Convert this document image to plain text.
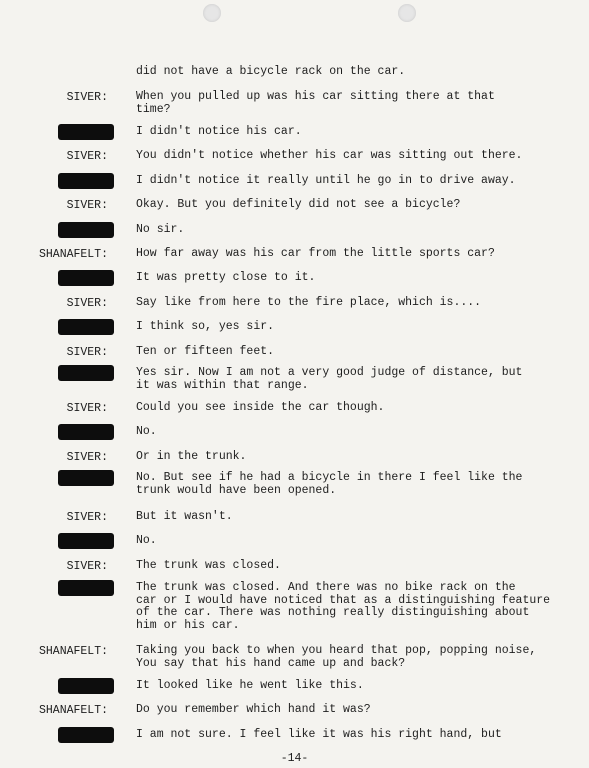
did not have a bicycle rack on the car.
SIVER: When you pulled up was his car sitting there at that
time?
I didn't notice his car.
SIVER: You didn't notice whether his car was sitting out there.
I didn't notice it really until he go in to drive away.
SIVER: Okay. But you definitely did not see a bicycle?
No sir.
SHANAFELT: How far away was his car from the little sports car?
It was pretty close to it.
SIVER: Say like from here to the fire place, which is....
I think so, yes sir.
SIVER: Ten or fifteen feet.
Yes sir. Now I am not a very good judge of distance, but
it was within that range.
SIVER: Could you see inside the car though.
No.
SIVER: Or in the trunk.
No. But see if he had a bicycle in there I feel like the
trunk would have been opened.
SIVER: But it wasn't.
No.
SIVER: The trunk was closed.
The trunk was closed. And there was no bike rack on the
car or I would have noticed that as a distinguishing feature
of the car. There was nothing really distinguishing about
him or his car.
SHANAFELT: Taking you back to when you heard that pop, popping noise,
You say that his hand came up and back?
It looked like he went like this.
SHANAFELT: Do you remember which hand it was?
I am not sure. I feel like it was his right hand, but
-14-
